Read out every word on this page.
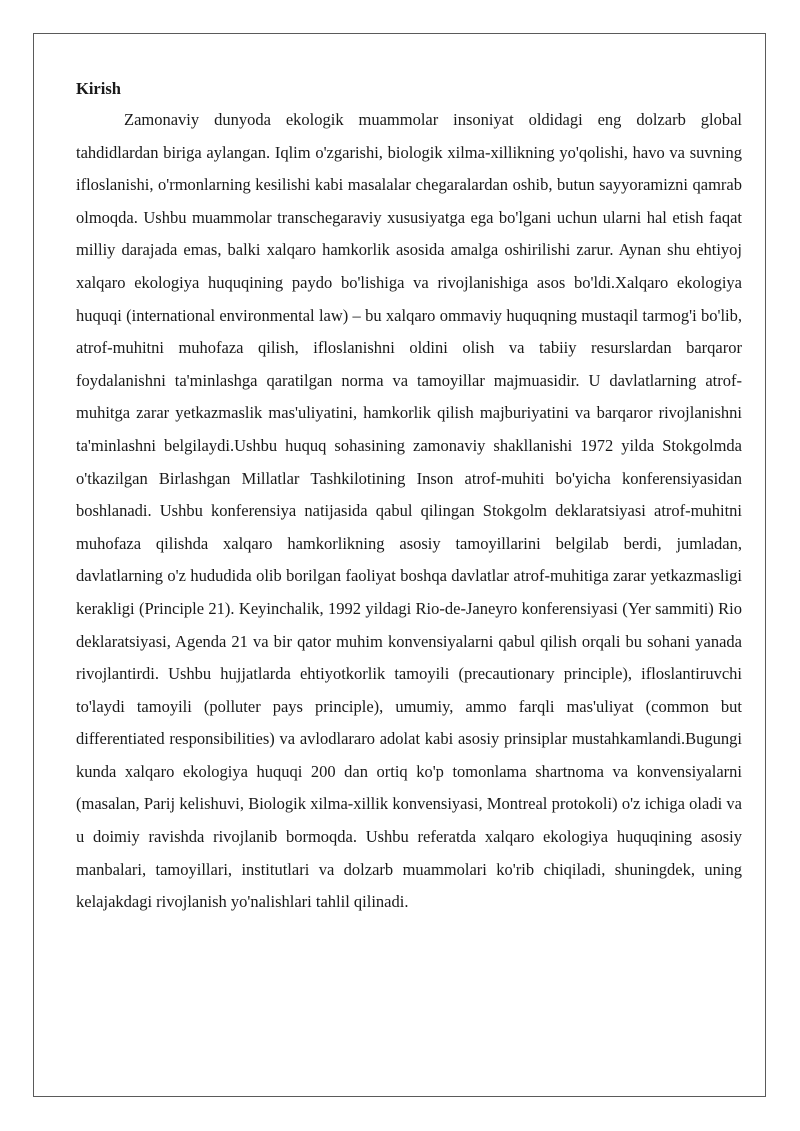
Kirish

Zamonaviy dunyoda ekologik muammolar insoniyat oldidagi eng dolzarb global tahdidlardan biriga aylangan. Iqlim o'zgarishi, biologik xilma-xillikning yo'qolishi, havo va suvning ifloslanishi, o'rmonlarning kesilishi kabi masalalar chegaralardan oshib, butun sayyoramizni qamrab olmoqda. Ushbu muammolar transchegaraviy xususiyatga ega bo'lgani uchun ularni hal etish faqat milliy darajada emas, balki xalqaro hamkorlik asosida amalga oshirilishi zarur. Aynan shu ehtiyoj xalqaro ekologiya huquqining paydo bo'lishiga va rivojlanishiga asos bo'ldi.Xalqaro ekologiya huquqi (international environmental law) – bu xalqaro ommaviy huquqning mustaqil tarmog'i bo'lib, atrof-muhitni muhofaza qilish, ifloslanishni oldini olish va tabiiy resurslardan barqaror foydalanishni ta'minlashga qaratilgan norma va tamoyillar majmuasidir. U davlatlarning atrof-muhitga zarar yetkazmaslik mas'uliyatini, hamkorlik qilish majburiyatini va barqaror rivojlanishni ta'minlashni belgilaydi.Ushbu huquq sohasining zamonaviy shakllanishi 1972 yilda Stokgolmda o'tkazilgan Birlashgan Millatlar Tashkilotining Inson atrof-muhiti bo'yicha konferensiyasidan boshlanadi. Ushbu konferensiya natijasida qabul qilingan Stokgolm deklaratsiyasi atrof-muhitni muhofaza qilishda xalqaro hamkorlikning asosiy tamoyillarini belgilab berdi, jumladan, davlatlarning o'z hududida olib borilgan faoliyat boshqa davlatlar atrof-muhitiga zarar yetkazmasligi kerakligi (Principle 21). Keyinchalik, 1992 yildagi Rio-de-Janeyro konferensiyasi (Yer sammiti) Rio deklaratsiyasi, Agenda 21 va bir qator muhim konvensiyalarni qabul qilish orqali bu sohani yanada rivojlantirdi. Ushbu hujjatlarda ehtiyotkorlik tamoyili (precautionary principle), ifloslantiruvchi to'laydi tamoyili (polluter pays principle), umumiy, ammo farqli mas'uliyat (common but differentiated responsibilities) va avlodlararo adolat kabi asosiy prinsiplar mustahkamlandi.Bugungi kunda xalqaro ekologiya huquqi 200 dan ortiq ko'p tomonlama shartnoma va konvensiyalarni (masalan, Parij kelishuvi, Biologik xilma-xillik konvensiyasi, Montreal protokoli) o'z ichiga oladi va u doimiy ravishda rivojlanib bormoqda. Ushbu referatda xalqaro ekologiya huquqining asosiy manbalari, tamoyillari, institutlari va dolzarb muammolari ko'rib chiqiladi, shuningdek, uning kelajakdagi rivojlanish yo'nalishlari tahlil qilinadi.
